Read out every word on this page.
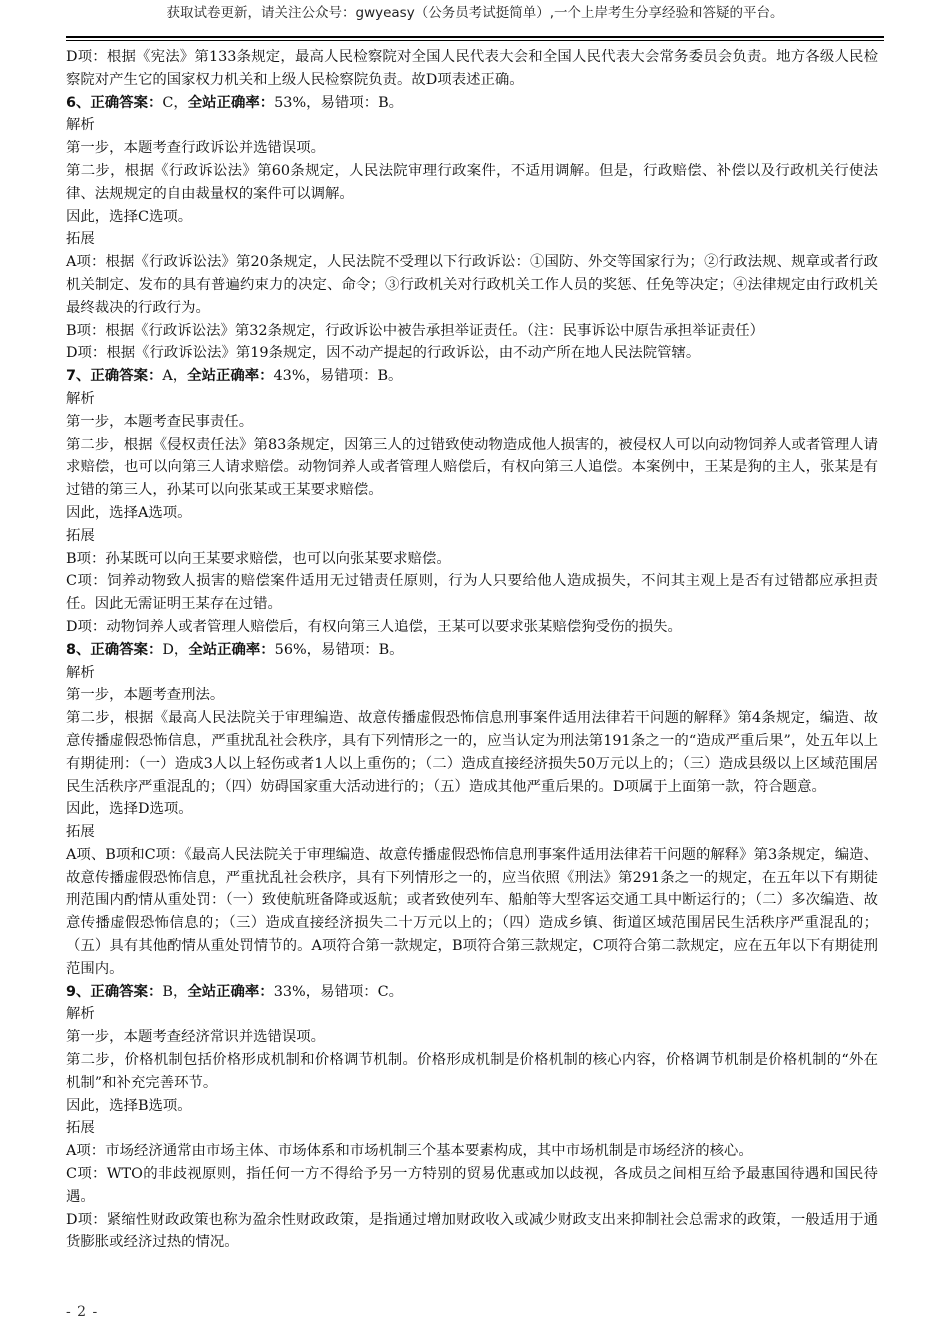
获取试卷更新，请关注公众号：gwyeasy（公务员考试挺简单）,一个上岸考生分享经验和答疑的平台。

D项：根据《宪法》第133条规定，最高人民检察院对全国人民代表大会和全国人民代表大会常务委员会负责。地方各级人民检察院对产生它的国家权力机关和上级人民检察院负责。故D项表述正确。

6、正确答案：C，全站正确率：53%，易错项：B。

解析

第一步，本题考查行政诉讼并选错误项。

第二步，根据《行政诉讼法》第60条规定，人民法院审理行政案件，不适用调解。但是，行政赔偿、补偿以及行政机关行使法律、法规规定的自由裁量权的案件可以调解。

因此，选择C选项。

拓展

A项：根据《行政诉讼法》第20条规定，人民法院不受理以下行政诉讼：①国防、外交等国家行为；②行政法规、规章或者行政机关制定、发布的具有普遍约束力的决定、命令；③行政机关对行政机关工作人员的奖惩、任免等决定；④法律规定由行政机关最终裁决的行政行为。

B项：根据《行政诉讼法》第32条规定，行政诉讼中被告承担举证责任。（注：民事诉讼中原告承担举证责任）

D项：根据《行政诉讼法》第19条规定，因不动产提起的行政诉讼，由不动产所在地人民法院管辖。

7、正确答案：A，全站正确率：43%，易错项：B。

解析

第一步，本题考查民事责任。

第二步，根据《侵权责任法》第83条规定，因第三人的过错致使动物造成他人损害的，被侵权人可以向动物饲养人或者管理人请求赔偿，也可以向第三人请求赔偿。动物饲养人或者管理人赔偿后，有权向第三人追偿。本案例中，王某是狗的主人，张某是有过错的第三人，孙某可以向张某或王某要求赔偿。

因此，选择A选项。

拓展

B项：孙某既可以向王某要求赔偿，也可以向张某要求赔偿。

C项：饲养动物致人损害的赔偿案件适用无过错责任原则，行为人只要给他人造成损失，不问其主观上是否有过错都应承担责任。因此无需证明王某存在过错。

D项：动物饲养人或者管理人赔偿后，有权向第三人追偿，王某可以要求张某赔偿狗受伤的损失。

8、正确答案：D，全站正确率：56%，易错项：B。

解析

第一步，本题考查刑法。

第二步，根据《最高人民法院关于审理编造、故意传播虚假恐怖信息刑事案件适用法律若干问题的解释》第4条规定，编造、故意传播虚假恐怖信息，严重扰乱社会秩序，具有下列情形之一的，应当认定为刑法第191条之一的“造成严重后果”，处五年以上有期徒刑：（一）造成3人以上轻伤或者1人以上重伤的；（二）造成直接经济损失50万元以上的；（三）造成县级以上区域范围居民生活秩序严重混乱的；（四）妨碍国家重大活动进行的；（五）造成其他严重后果的。D项属于上面第一款，符合题意。

因此，选择D选项。

拓展

A项、B项和C项：《最高人民法院关于审理编造、故意传播虚假恐怖信息刑事案件适用法律若干问题的解释》第3条规定，编造、故意传播虚假恐怖信息，严重扰乱社会秩序，具有下列情形之一的，应当依照《刑法》第291条之一的规定，在五年以下有期徒刑范围内酌情从重处罚：（一）致使航班备降或返航；或者致使列车、船舶等大型客运交通工具中断运行的；（二）多次编造、故意传播虚假恐怖信息的；（三）造成直接经济损失二十万元以上的；（四）造成乡镇、街道区域范围居民生活秩序严重混乱的；（五）具有其他酌情从重处罚情节的。A项符合第一款规定，B项符合第三款规定，C项符合第二款规定，应在五年以下有期徒刑范围内。

9、正确答案：B，全站正确率：33%，易错项：C。

解析

第一步，本题考查经济常识并选错误项。

第二步，价格机制包括价格形成机制和价格调节机制。价格形成机制是价格机制的核心内容，价格调节机制是价格机制的“外在机制”和补充完善环节。

因此，选择B选项。

拓展

A项：市场经济通常由市场主体、市场体系和市场机制三个基本要素构成，其中市场机制是市场经济的核心。

C项：WTO的非歧视原则，指任何一方不得给予另一方特别的贸易优惠或加以歧视，各成员之间相互给予最惠国待遇和国民待遇。

D项：紧缩性财政政策也称为盈余性财政政策，是指通过增加财政收入或减少财政支出来抑制社会总需求的政策，一般适用于通货膨胀或经济过热的情况。

- 2 -
